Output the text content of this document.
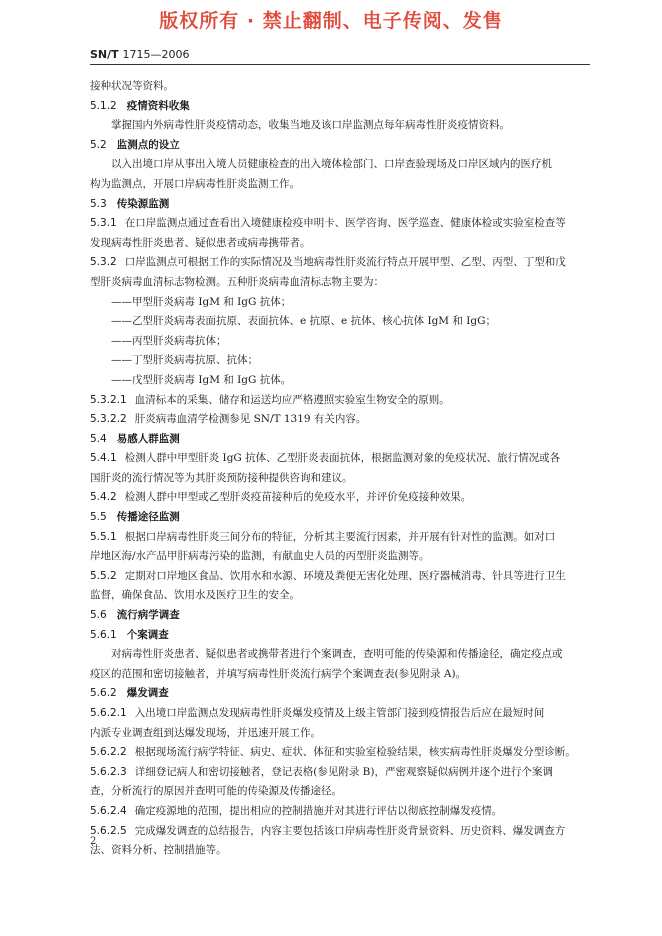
版权所有 · 禁止翻制、电子传阅、发售
SN/T 1715—2006
接种状况等资料。
5.1.2 疫情资料收集
掌握国内外病毒性肝炎疫情动态，收集当地及该口岸监测点每年病毒性肝炎疫情资料。
5.2 监测点的设立
以入出境口岸从事出入境人员健康检查的出入境体检部门、口岸查验现场及口岸区域内的医疗机
构为监测点，开展口岸病毒性肝炎监测工作。
5.3 传染源监测
5.3.1 在口岸监测点通过查看出入境健康检疫申明卡、医学咨询、医学巡查、健康体检或实验室检查等
发现病毒性肝炎患者、疑似患者或病毒携带者。
5.3.2 口岸监测点可根据工作的实际情况及当地病毒性肝炎流行特点开展甲型、乙型、丙型、丁型和戊
型肝炎病毒血清标志物检测。五种肝炎病毒血清标志物主要为：
——甲型肝炎病毒 IgM 和 IgG 抗体；
——乙型肝炎病毒表面抗原、表面抗体、e 抗原、e 抗体、核心抗体 IgM 和 IgG；
——丙型肝炎病毒抗体；
——丁型肝炎病毒抗原、抗体；
——戊型肝炎病毒 IgM 和 IgG 抗体。
5.3.2.1 血清标本的采集、储存和运送均应严格遵照实验室生物安全的原则。
5.3.2.2 肝炎病毒血清学检测参见 SN/T 1319 有关内容。
5.4 易感人群监测
5.4.1 检测人群中甲型肝炎 IgG 抗体、乙型肝炎表面抗体，根据监测对象的免疫状况、旅行情况或各
国肝炎的流行情况等为其肝炎预防接种提供咨询和建议。
5.4.2 检测人群中甲型或乙型肝炎疫苗接种后的免疫水平，并评价免疫接种效果。
5.5 传播途径监测
5.5.1 根据口岸病毒性肝炎三间分布的特征，分析其主要流行因素，并开展有针对性的监测。如对口
岸地区海/水产品甲肝病毒污染的监测，有献血史人员的丙型肝炎监测等。
5.5.2 定期对口岸地区食品、饮用水和水源、环境及粪便无害化处理、医疗器械消毒、针具等进行卫生
监督，确保食品、饮用水及医疗卫生的安全。
5.6 流行病学调查
5.6.1 个案调查
对病毒性肝炎患者、疑似患者或携带者进行个案调查，查明可能的传染源和传播途径，确定疫点或
疫区的范围和密切接触者，并填写病毒性肝炎流行病学个案调查表(参见附录 A)。
5.6.2 爆发调查
5.6.2.1 入出境口岸监测点发现病毒性肝炎爆发疫情及上级主管部门接到疫情报告后应在最短时间
内派专业调查组到达爆发现场，并迅速开展工作。
5.6.2.2 根据现场流行病学特征、病史、症状、体征和实验室检验结果，核实病毒性肝炎爆发分型诊断。
5.6.2.3 详细登记病人和密切接触者，登记表格(参见附录 B)，严密观察疑似病例并逐个进行个案调
查，分析流行的原因并查明可能的传染源及传播途径。
5.6.2.4 确定疫源地的范围，提出相应的控制措施并对其进行评估以彻底控制爆发疫情。
5.6.2.5 完成爆发调查的总结报告，内容主要包括该口岸病毒性肝炎背景资料、历史资料、爆发调查方
法、资料分析、控制措施等。
2
